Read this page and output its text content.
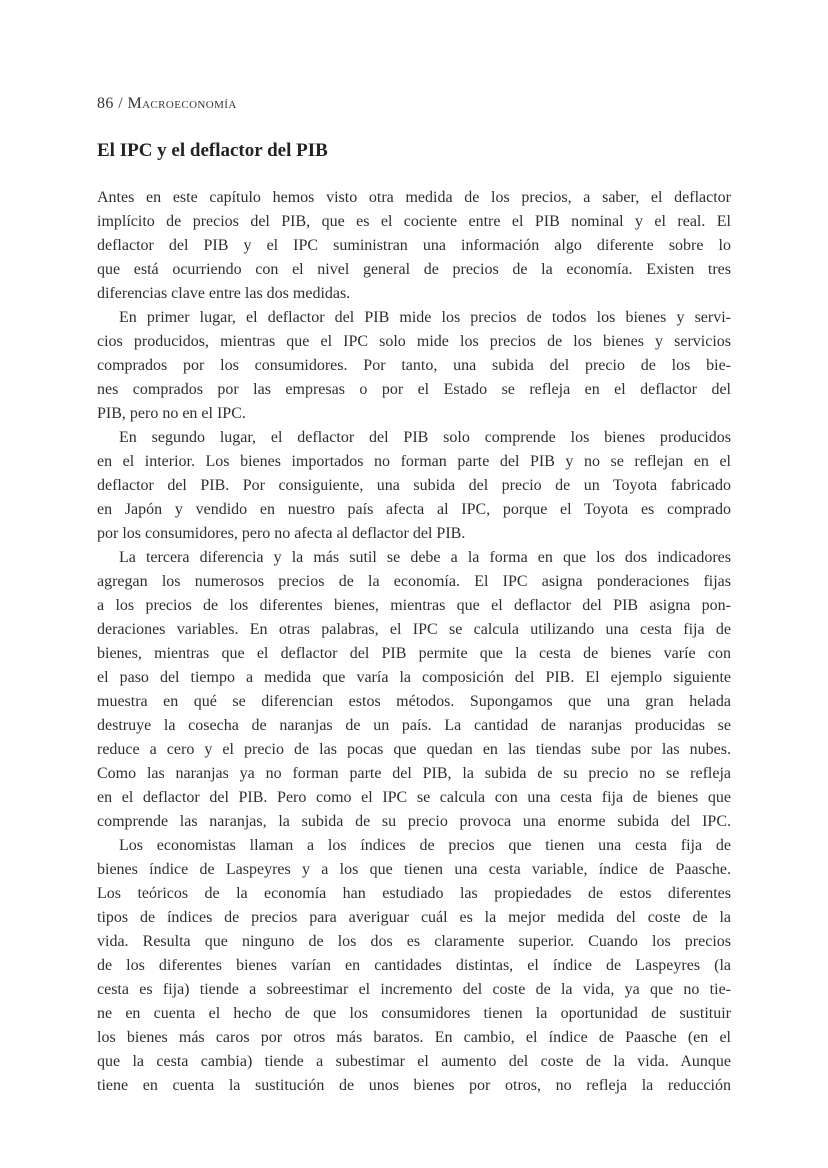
86 / Macroeconomía
El IPC y el deflactor del PIB
Antes en este capítulo hemos visto otra medida de los precios, a saber, el deflactor
implícito de precios del PIB, que es el cociente entre el PIB nominal y el real. El
deflactor del PIB y el IPC suministran una información algo diferente sobre lo
que está ocurriendo con el nivel general de precios de la economía. Existen tres
diferencias clave entre las dos medidas.
En primer lugar, el deflactor del PIB mide los precios de todos los bienes y servi-
cios producidos, mientras que el IPC solo mide los precios de los bienes y servicios
comprados por los consumidores. Por tanto, una subida del precio de los bie-
nes comprados por las empresas o por el Estado se refleja en el deflactor del
PIB, pero no en el IPC.
En segundo lugar, el deflactor del PIB solo comprende los bienes producidos
en el interior. Los bienes importados no forman parte del PIB y no se reflejan en el
deflactor del PIB. Por consiguiente, una subida del precio de un Toyota fabricado
en Japón y vendido en nuestro país afecta al IPC, porque el Toyota es comprado
por los consumidores, pero no afecta al deflactor del PIB.
La tercera diferencia y la más sutil se debe a la forma en que los dos indicadores
agregan los numerosos precios de la economía. El IPC asigna ponderaciones fijas
a los precios de los diferentes bienes, mientras que el deflactor del PIB asigna pon-
deraciones variables. En otras palabras, el IPC se calcula utilizando una cesta fija de
bienes, mientras que el deflactor del PIB permite que la cesta de bienes varíe con
el paso del tiempo a medida que varía la composición del PIB. El ejemplo siguiente
muestra en qué se diferencian estos métodos. Supongamos que una gran helada
destruye la cosecha de naranjas de un país. La cantidad de naranjas producidas se
reduce a cero y el precio de las pocas que quedan en las tiendas sube por las nubes.
Como las naranjas ya no forman parte del PIB, la subida de su precio no se refleja
en el deflactor del PIB. Pero como el IPC se calcula con una cesta fija de bienes que
comprende las naranjas, la subida de su precio provoca una enorme subida del IPC.
Los economistas llaman a los índices de precios que tienen una cesta fija de
bienes índice de Laspeyres y a los que tienen una cesta variable, índice de Paasche.
Los teóricos de la economía han estudiado las propiedades de estos diferentes
tipos de índices de precios para averiguar cuál es la mejor medida del coste de la
vida. Resulta que ninguno de los dos es claramente superior. Cuando los precios
de los diferentes bienes varían en cantidades distintas, el índice de Laspeyres (la
cesta es fija) tiende a sobreestimar el incremento del coste de la vida, ya que no tie-
ne en cuenta el hecho de que los consumidores tienen la oportunidad de sustituir
los bienes más caros por otros más baratos. En cambio, el índice de Paasche (en el
que la cesta cambia) tiende a subestimar el aumento del coste de la vida. Aunque
tiene en cuenta la sustitución de unos bienes por otros, no refleja la reducción
